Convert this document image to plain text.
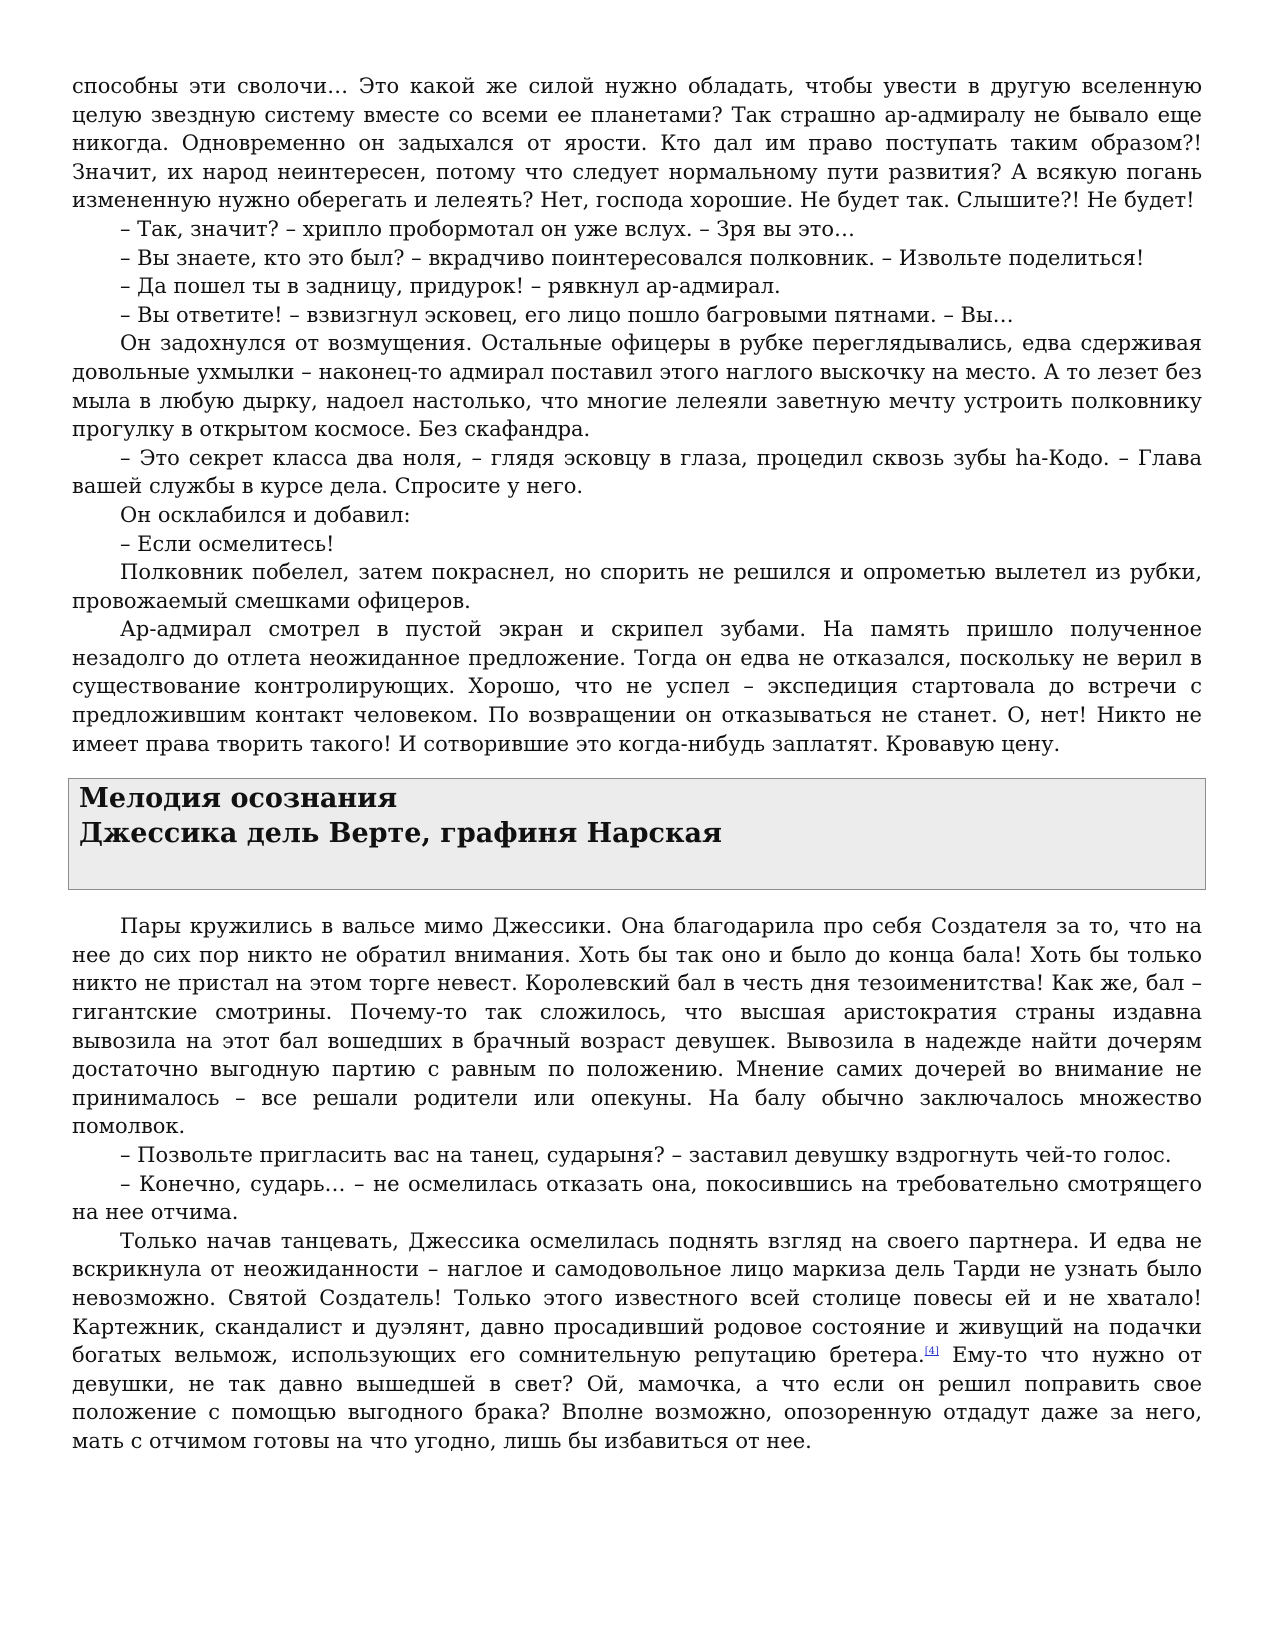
способны эти сволочи… Это какой же силой нужно обладать, чтобы увести в другую вселенную целую звездную систему вместе со всеми ее планетами? Так страшно ар-адмиралу не бывало еще никогда. Одновременно он задыхался от ярости. Кто дал им право поступать таким образом?! Значит, их народ неинтересен, потому что следует нормальному пути развития? А всякую погань измененную нужно оберегать и лелеять? Нет, господа хорошие. Не будет так. Слышите?! Не будет!

– Так, значит? – хрипло пробормотал он уже вслух. – Зря вы это…

– Вы знаете, кто это был? – вкрадчиво поинтересовался полковник. – Извольте поделиться!

– Да пошел ты в задницу, придурок! – рявкнул ар-адмирал.

– Вы ответите! – взвизгнул эсковец, его лицо пошло багровыми пятнами. – Вы…

Он задохнулся от возмущения. Остальные офицеры в рубке переглядывались, едва сдерживая довольные ухмылки – наконец-то адмирал поставил этого наглого выскочку на место. А то лезет без мыла в любую дырку, надоел настолько, что многие лелеяли заветную мечту устроить полковнику прогулку в открытом космосе. Без скафандра.

– Это секрет класса два ноля, – глядя эсковцу в глаза, процедил сквозь зубы hа-Кодо. – Глава вашей службы в курсе дела. Спросите у него.

Он осклабился и добавил:

– Если осмелитесь!

Полковник побелел, затем покраснел, но спорить не решился и опрометью вылетел из рубки, провожаемый смешками офицеров.

Ар-адмирал смотрел в пустой экран и скрипел зубами. На память пришло полученное незадолго до отлета неожиданное предложение. Тогда он едва не отказался, поскольку не верил в существование контролирующих. Хорошо, что не успел – экспедиция стартовала до встречи с предложившим контакт человеком. По возвращении он отказываться не станет. О, нет! Никто не имеет права творить такого! И сотворившие это когда-нибудь заплатят. Кровавую цену.

Мелодия осознания
Джессика дель Верте, графиня Нарская

Пары кружились в вальсе мимо Джессики. Она благодарила про себя Создателя за то, что на нее до сих пор никто не обратил внимания. Хоть бы так оно и было до конца бала! Хоть бы только никто не пристал на этом торге невест. Королевский бал в честь дня тезоименитства! Как же, бал – гигантские смотрины. Почему-то так сложилось, что высшая аристократия страны издавна вывозила на этот бал вошедших в брачный возраст девушек. Вывозила в надежде найти дочерям достаточно выгодную партию с равным по положению. Мнение самих дочерей во внимание не принималось – все решали родители или опекуны. На балу обычно заключалось множество помолвок.

– Позвольте пригласить вас на танец, сударыня? – заставил девушку вздрогнуть чей-то голос.

– Конечно, сударь… – не осмелилась отказать она, покосившись на требовательно смотрящего на нее отчима.

Только начав танцевать, Джессика осмелилась поднять взгляд на своего партнера. И едва не вскрикнула от неожиданности – наглое и самодовольное лицо маркиза дель Тарди не узнать было невозможно. Святой Создатель! Только этого известного всей столице повесы ей и не хватало! Картежник, скандалист и дуэлянт, давно просадивший родовое состояние и живущий на подачки богатых вельмож, использующих его сомнительную репутацию бретера.[4] Ему-то что нужно от девушки, не так давно вышедшей в свет? Ой, мамочка, а что если он решил поправить свое положение с помощью выгодного брака? Вполне возможно, опозоренную отдадут даже за него, мать с отчимом готовы на что угодно, лишь бы избавиться от нее.
